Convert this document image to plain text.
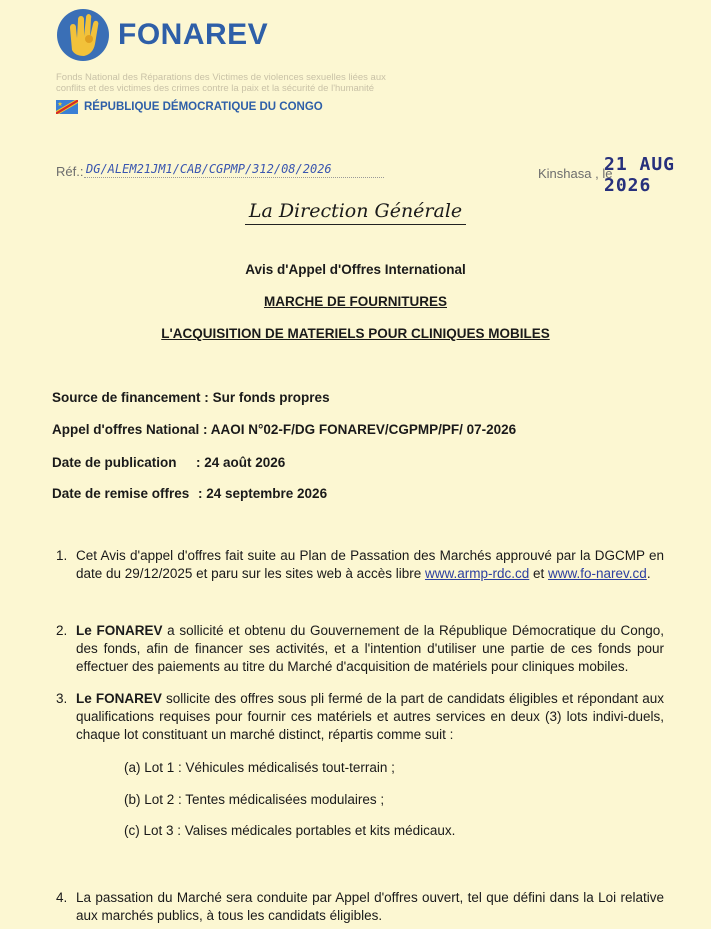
FONAREV
Fonds National des Réparations des Victimes de violences sexuelles liées aux conflits et des victimes des crimes contre la paix et la sécurité de l'humanité
RÉPUBLIQUE DÉMOCRATIQUE DU CONGO
Réf.: DG/ALEM21JM1/CAB/CGPMP/312/08/2026	Kinshasa , le
21 AUG 2026
La Direction Générale
Avis d'Appel d'Offres International
MARCHE DE FOURNITURES
L'ACQUISITION DE MATERIELS POUR CLINIQUES MOBILES
Source de financement : Sur fonds propres
Appel d'offres National : AAOI N°02-F/DG FONAREV/CGPMP/PF/ 07-2026
Date de publication : 24 août 2026
Date de remise offres : 24 septembre 2026
1. Cet Avis d'appel d'offres fait suite au Plan de Passation des Marchés approuvé par la DGCMP en date du 29/12/2025 et paru sur les sites web à accès libre www.armp-rdc.cd et www.fo-narev.cd.
2. Le FONAREV a sollicité et obtenu du Gouvernement de la République Démocratique du Congo, des fonds, afin de financer ses activités, et a l'intention d'utiliser une partie de ces fonds pour effectuer des paiements au titre du Marché d'acquisition de matériels pour cliniques mobiles.
3. Le FONAREV sollicite des offres sous pli fermé de la part de candidats éligibles et répondant aux qualifications requises pour fournir ces matériels et autres services en deux (3) lots indivi-duels, chaque lot constituant un marché distinct, répartis comme suit :
(a) Lot 1 : Véhicules médicalisés tout-terrain ;
(b) Lot 2 : Tentes médicalisées modulaires ;
(c) Lot 3 : Valises médicales portables et kits médicaux.
4. La passation du Marché sera conduite par Appel d'offres ouvert, tel que défini dans la Loi relative aux marchés publics, à tous les candidats éligibles.
